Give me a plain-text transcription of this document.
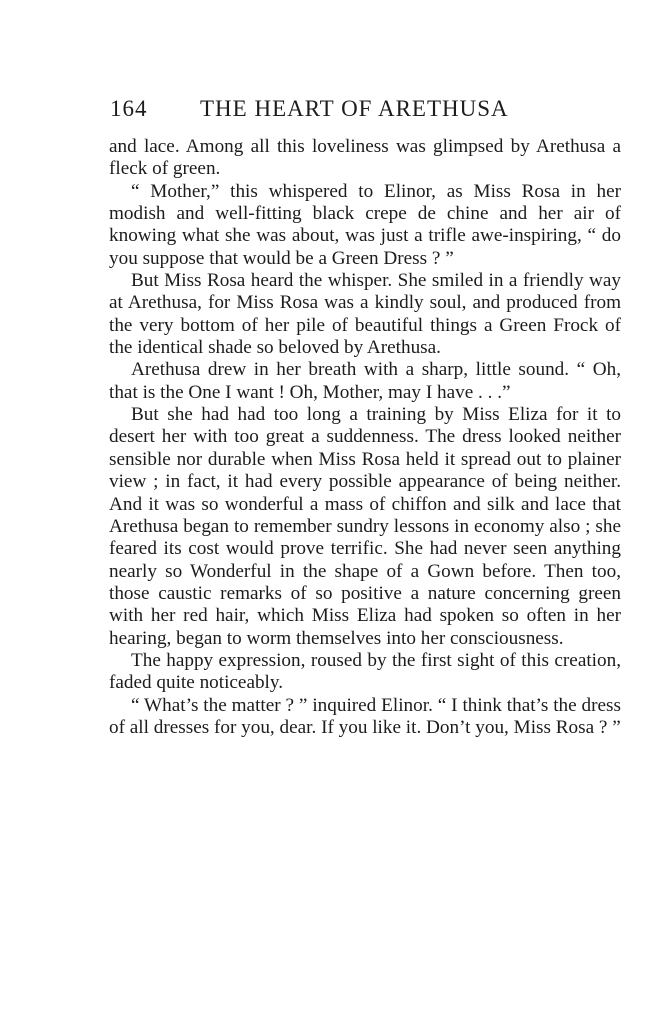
164 THE HEART OF ARETHUSA

and lace. Among all this loveliness was glimpsed by Arethusa a fleck of green.

“ Mother,” this whispered to Elinor, as Miss Rosa in her modish and well-fitting black crepe de chine and her air of knowing what she was about, was just a trifle awe-inspiring, “ do you suppose that would be a Green Dress ? ”

But Miss Rosa heard the whisper. She smiled in a friendly way at Arethusa, for Miss Rosa was a kindly soul, and produced from the very bottom of her pile of beautiful things a Green Frock of the identical shade so beloved by Arethusa.

Arethusa drew in her breath with a sharp, little sound. “ Oh, that is the One I want ! Oh, Mother, may I have . . .”

But she had had too long a training by Miss Eliza for it to desert her with too great a suddenness. The dress looked neither sensible nor durable when Miss Rosa held it spread out to plainer view ; in fact, it had every possible appearance of being neither. And it was so wonderful a mass of chiffon and silk and lace that Arethusa began to remember sundry lessons in economy also ; she feared its cost would prove terrific. She had never seen anything nearly so Wonderful in the shape of a Gown before. Then too, those caustic remarks of so positive a nature concerning green with her red hair, which Miss Eliza had spoken so often in her hearing, began to worm themselves into her consciousness.

The happy expression, roused by the first sight of this creation, faded quite noticeably.

“ What’s the matter ? ” inquired Elinor. “ I think that’s the dress of all dresses for you, dear. If you like it. Don’t you, Miss Rosa ? ”
